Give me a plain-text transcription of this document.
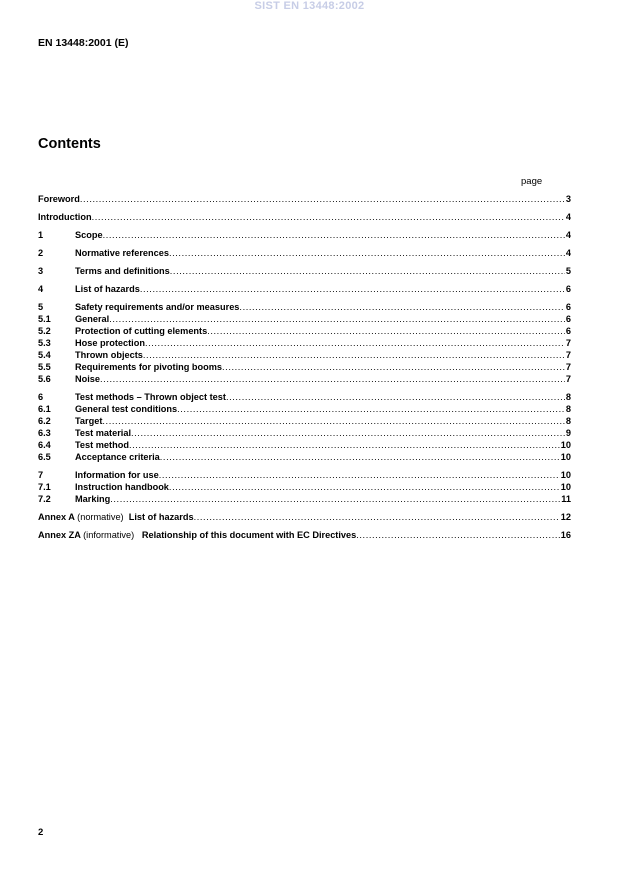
SIST EN 13448:2002
EN 13448:2001 (E)
Contents
page
Foreword .....	3
Introduction .....	4
1	Scope .....	4
2	Normative references .....	4
3	Terms and definitions .....	5
4	List of hazards .....	6
5	Safety requirements and/or measures .....	6
5.1	General .....	6
5.2	Protection of cutting elements .....	6
5.3	Hose protection .....	7
5.4	Thrown objects .....	7
5.5	Requirements for pivoting booms .....	7
5.6	Noise .....	7
6	Test methods – Thrown object test .....	8
6.1	General test conditions .....	8
6.2	Target .....	8
6.3	Test material .....	9
6.4	Test method .....	10
6.5	Acceptance criteria .....	10
7	Information for use .....	10
7.1	Instruction handbook .....	10
7.2	Marking .....	11
Annex A (normative) List of hazards .....	12
Annex ZA (informative) Relationship of this document with EC Directives .....	16
2
